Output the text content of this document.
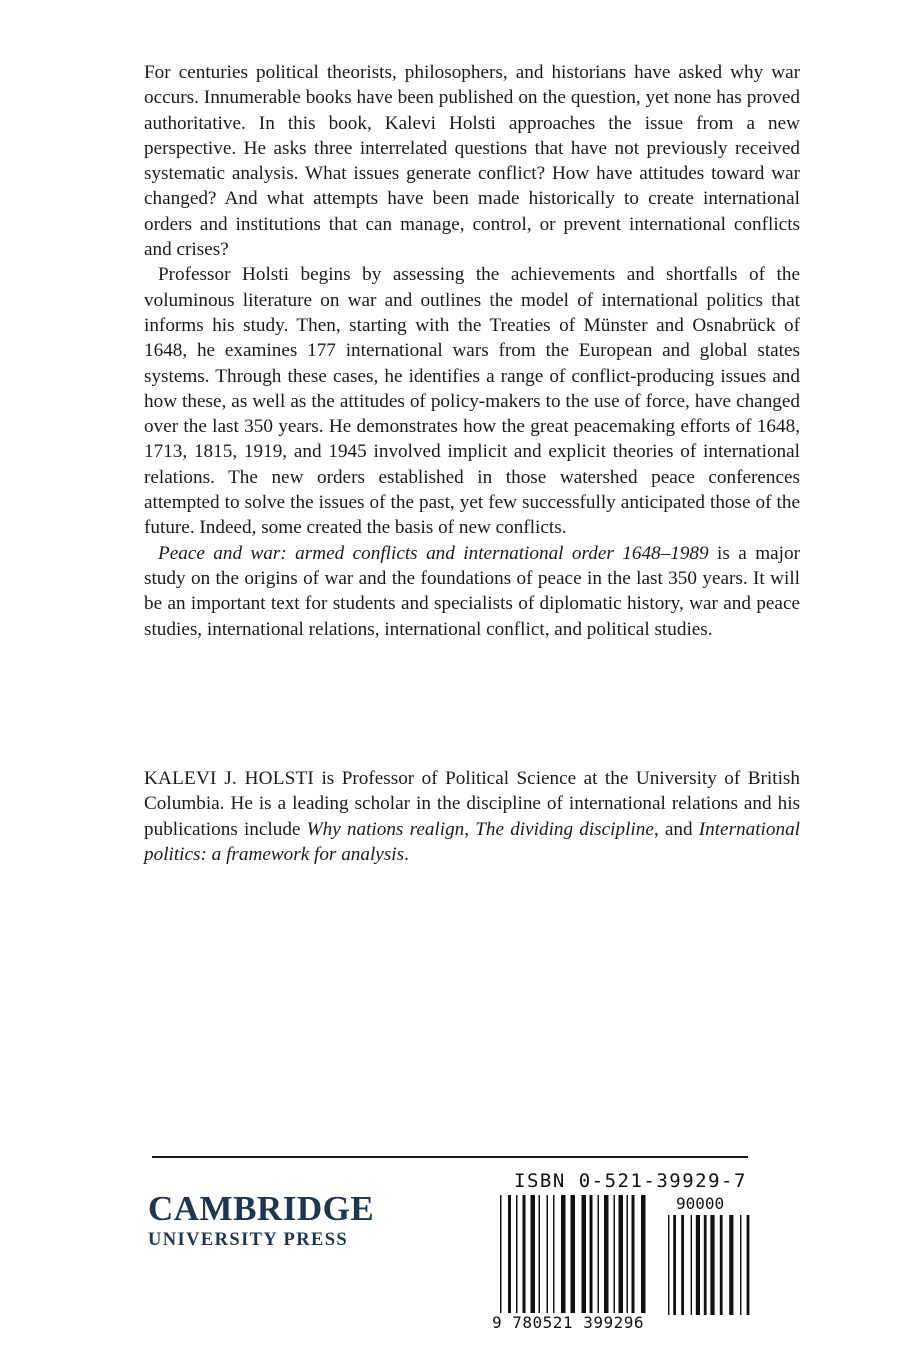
For centuries political theorists, philosophers, and historians have asked why war occurs. Innumerable books have been published on the question, yet none has proved authoritative. In this book, Kalevi Holsti approaches the issue from a new perspective. He asks three interrelated questions that have not previously received systematic analysis. What issues generate conflict? How have attitudes toward war changed? And what attempts have been made historically to create international orders and institutions that can manage, control, or prevent international conflicts and crises?

Professor Holsti begins by assessing the achievements and shortfalls of the voluminous literature on war and outlines the model of international politics that informs his study. Then, starting with the Treaties of Münster and Osnabrück of 1648, he examines 177 international wars from the European and global states systems. Through these cases, he identifies a range of conflict-producing issues and how these, as well as the attitudes of policy-makers to the use of force, have changed over the last 350 years. He demonstrates how the great peacemaking efforts of 1648, 1713, 1815, 1919, and 1945 involved implicit and explicit theories of international relations. The new orders established in those watershed peace conferences attempted to solve the issues of the past, yet few successfully anticipated those of the future. Indeed, some created the basis of new conflicts.

Peace and war: armed conflicts and international order 1648–1989 is a major study on the origins of war and the foundations of peace in the last 350 years. It will be an important text for students and specialists of diplomatic history, war and peace studies, international relations, international conflict, and political studies.

KALEVI J. HOLSTI is Professor of Political Science at the University of British Columbia. He is a leading scholar in the discipline of international relations and his publications include Why nations realign, The dividing discipline, and International politics: a framework for analysis.

CAMBRIDGE
UNIVERSITY PRESS
ISBN 0-521-39929-7
90000
9 780521 399296
